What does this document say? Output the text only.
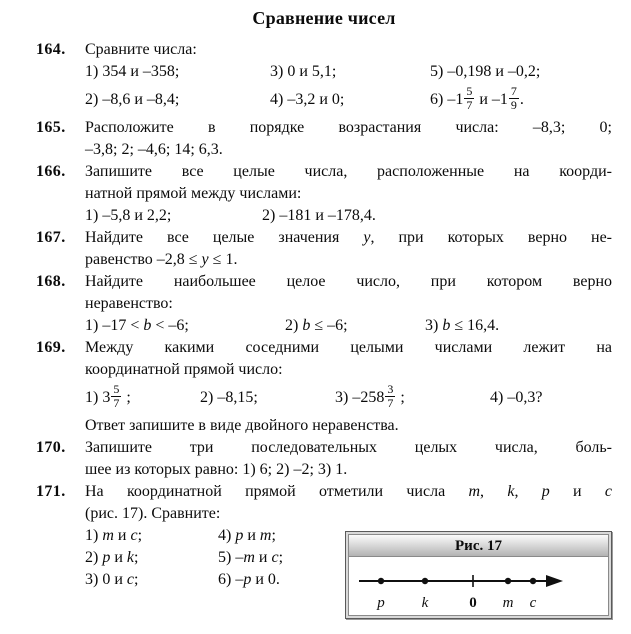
Сравнение чисел
164.	Сравните числа:
1) 354 и –358;	3) 0 и 5,1;	5) –0,198 и –0,2;
2) –8,6 и –8,4;	4) –3,2 и 0;	6) $-1 \frac{5}{7}$ и $-1 \frac{7}{9}$ .
165.	Расположите в порядке возрастания числа: –8,3; 0;
–3,8; 2; –4,6; 14; 6,3.
166.	Запишите все целые числа, расположенные на коорди-
натной прямой между числами:
1) –5,8 и 2,2;	2) –181 и –178,4.
167.	Найдите все целые значения y, при которых верно не-
равенство –2,8 ≤ y ≤ 1.
168.	Найдите наибольшее целое число, при котором верно
неравенство:
1) –17 < b < –6;	2) b ≤ –6;	3) b ≤ 16,4.
169.	Между какими соседними целыми числами лежит на
координатной прямой число:
1) $3 \frac{5}{7}$ ;	2) –8,15;	3) $-258 \frac{3}{7}$ ;	4) –0,3?
Ответ запишите в виде двойного неравенства.
170.	Запишите три последовательных целых числа, боль-
шее из которых равно: 1) 6; 2) –2; 3) 1.
171.	На координатной прямой отметили числа m, k, p и c
(рис. 17). Сравните:
1) m и c;	4) p и m;
2) p и k;	5) –m и c;
3) 0 и c;	6) –p и 0.
Рис. 17
p k	0 m c
